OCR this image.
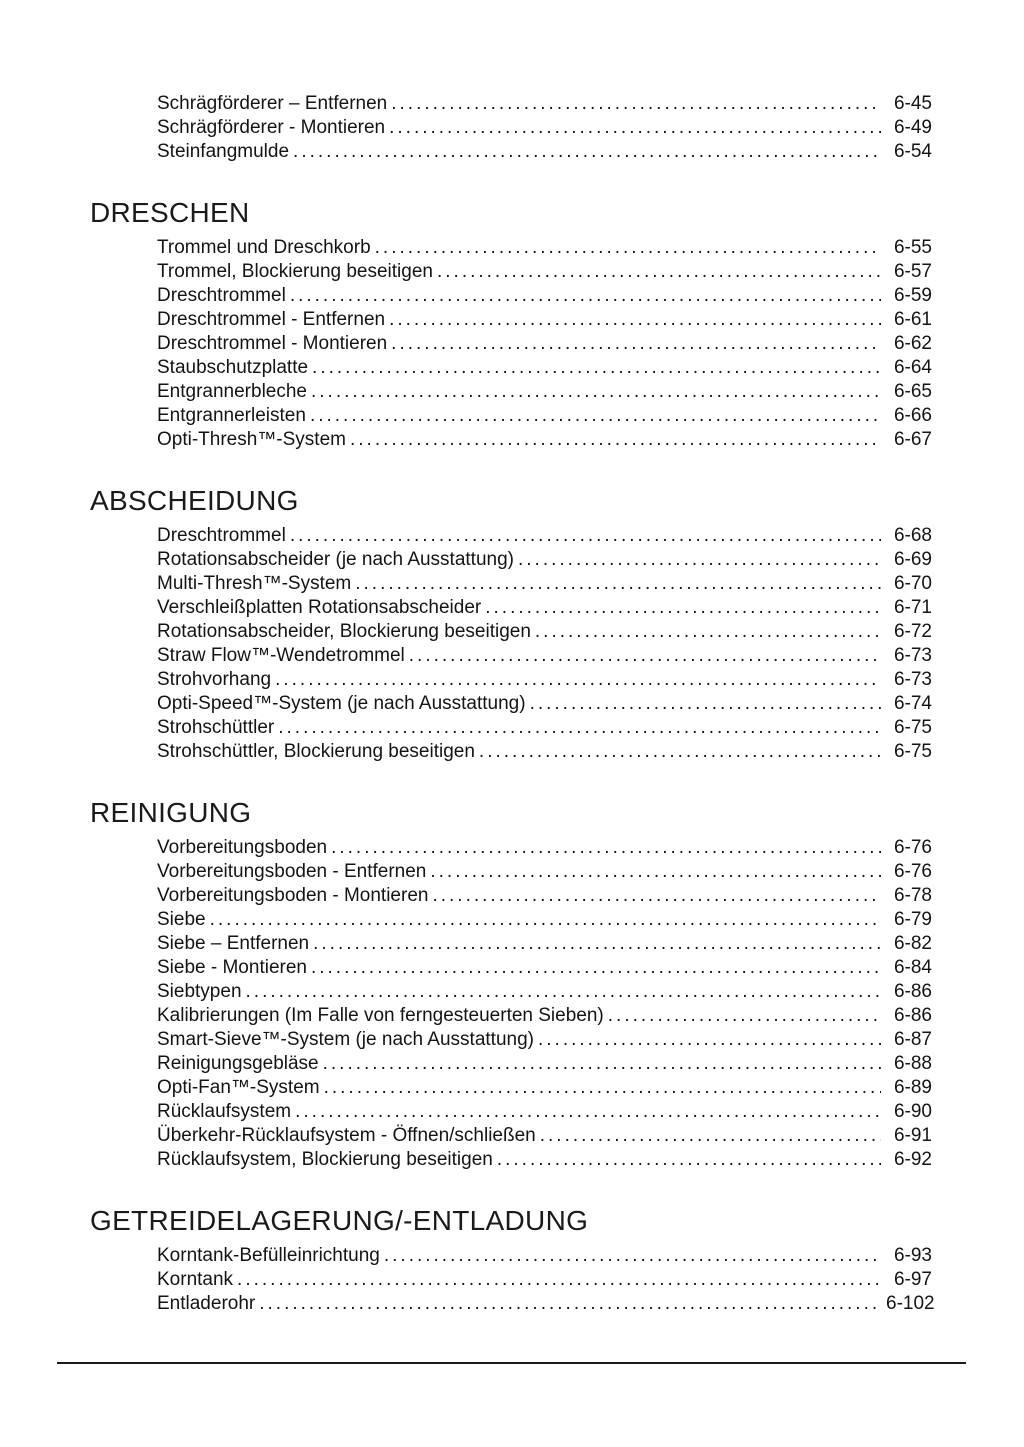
Schrägförderer – Entfernen .....	6-45
Schrägförderer - Montieren .....	6-49
Steinfangmulde .....	6-54
DRESCHEN
Trommel und Dreschkorb .....	6-55
Trommel, Blockierung beseitigen .....	6-57
Dreschtrommel .....	6-59
Dreschtrommel - Entfernen .....	6-61
Dreschtrommel - Montieren .....	6-62
Staubschutzplatte .....	6-64
Entgrannerbleche .....	6-65
Entgrannerleisten .....	6-66
Opti-Thresh™-System .....	6-67
ABSCHEIDUNG
Dreschtrommel .....	6-68
Rotationsabscheider (je nach Ausstattung) .....	6-69
Multi-Thresh™-System .....	6-70
Verschleißplatten Rotationsabscheider .....	6-71
Rotationsabscheider, Blockierung beseitigen .....	6-72
Straw Flow™-Wendetrommel .....	6-73
Strohvorhang .....	6-73
Opti-Speed™-System (je nach Ausstattung) .....	6-74
Strohschüttler .....	6-75
Strohschüttler, Blockierung beseitigen .....	6-75
REINIGUNG
Vorbereitungsboden .....	6-76
Vorbereitungsboden - Entfernen .....	6-76
Vorbereitungsboden - Montieren .....	6-78
Siebe .....	6-79
Siebe – Entfernen .....	6-82
Siebe - Montieren .....	6-84
Siebtypen .....	6-86
Kalibrierungen (Im Falle von ferngesteuerten Sieben) .....	6-86
Smart-Sieve™-System (je nach Ausstattung) .....	6-87
Reinigungsgebläse .....	6-88
Opti-Fan™-System .....	6-89
Rücklaufsystem .....	6-90
Überkehr-Rücklaufsystem - Öffnen/schließen .....	6-91
Rücklaufsystem, Blockierung beseitigen .....	6-92
GETREIDELAGERUNG/-ENTLADUNG
Korntank-Befülleinrichtung .....	6-93
Korntank .....	6-97
Entladerohr .....	6-102
